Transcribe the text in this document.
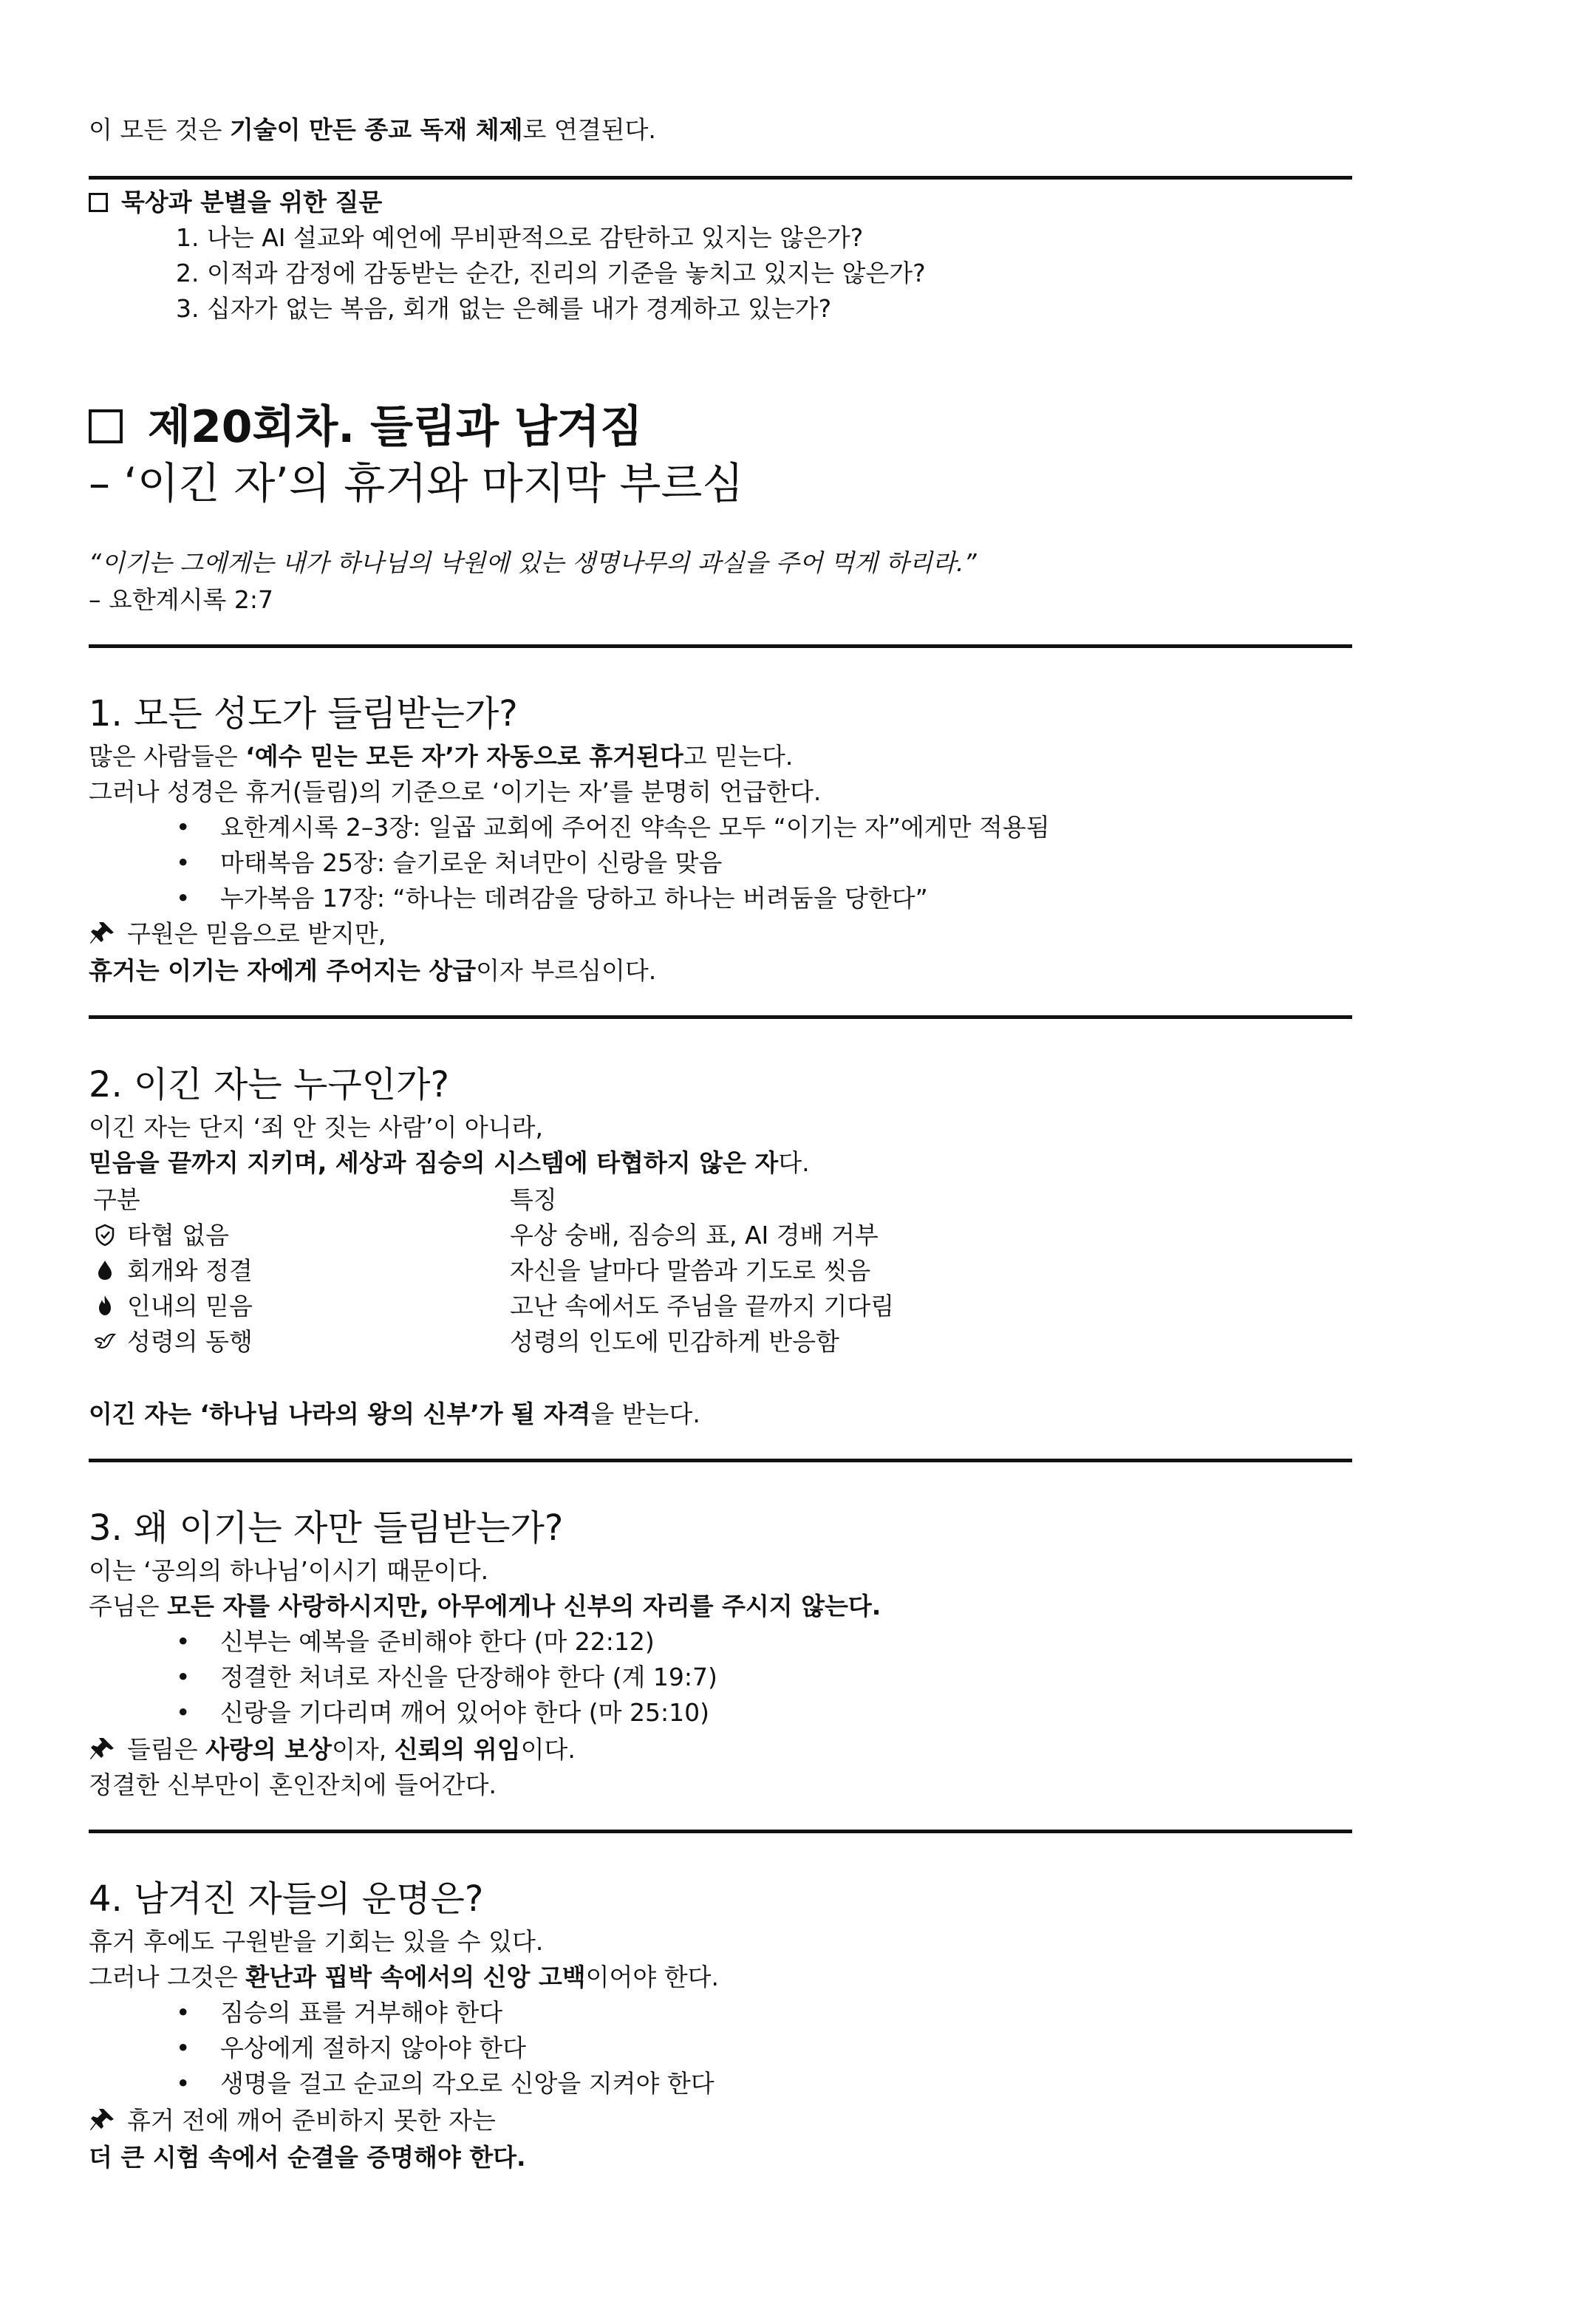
이 모든 것은 기술이 만든 종교 독재 체제로 연결된다.
묵상과 분별을 위한 질문
1. 나는 AI 설교와 예언에 무비판적으로 감탄하고 있지는 않은가?
2. 이적과 감정에 감동받는 순간, 진리의 기준을 놓치고 있지는 않은가?
3. 십자가 없는 복음, 회개 없는 은혜를 내가 경계하고 있는가?
제20회차. 들림과 남겨짐
– ‘이긴 자’의 휴거와 마지막 부르심
“이기는 그에게는 내가 하나님의 낙원에 있는 생명나무의 과실을 주어 먹게 하리라.”
– 요한계시록 2:7
1. 모든 성도가 들림받는가?
많은 사람들은 ‘예수 믿는 모든 자’가 자동으로 휴거된다고 믿는다.
그러나 성경은 휴거(들림)의 기준으로 ‘이기는 자’를 분명히 언급한다.
• 요한계시록 2–3장: 일곱 교회에 주어진 약속은 모두 “이기는 자”에게만 적용됨
• 마태복음 25장: 슬기로운 처녀만이 신랑을 맞음
• 누가복음 17장: “하나는 데려감을 당하고 하나는 버려둠을 당한다”
구원은 믿음으로 받지만,
휴거는 이기는 자에게 주어지는 상급이자 부르심이다.
2. 이긴 자는 누구인가?
이긴 자는 단지 ‘죄 안 짓는 사람’이 아니라,
믿음을 끝까지 지키며, 세상과 짐승의 시스템에 타협하지 않은 자다.
구분	특징
타협 없음	우상 숭배, 짐승의 표, AI 경배 거부
회개와 정결	자신을 날마다 말씀과 기도로 씻음
인내의 믿음	고난 속에서도 주님을 끝까지 기다림
성령의 동행	성령의 인도에 민감하게 반응함
이긴 자는 ‘하나님 나라의 왕의 신부’가 될 자격을 받는다.
3. 왜 이기는 자만 들림받는가?
이는 ‘공의의 하나님’이시기 때문이다.
주님은 모든 자를 사랑하시지만, 아무에게나 신부의 자리를 주시지 않는다.
• 신부는 예복을 준비해야 한다 (마 22:12)
• 정결한 처녀로 자신을 단장해야 한다 (계 19:7)
• 신랑을 기다리며 깨어 있어야 한다 (마 25:10)
들림은 사랑의 보상이자, 신뢰의 위임이다.
정결한 신부만이 혼인잔치에 들어간다.
4. 남겨진 자들의 운명은?
휴거 후에도 구원받을 기회는 있을 수 있다.
그러나 그것은 환난과 핍박 속에서의 신앙 고백이어야 한다.
• 짐승의 표를 거부해야 한다
• 우상에게 절하지 않아야 한다
• 생명을 걸고 순교의 각오로 신앙을 지켜야 한다
휴거 전에 깨어 준비하지 못한 자는
더 큰 시험 속에서 순결을 증명해야 한다.
